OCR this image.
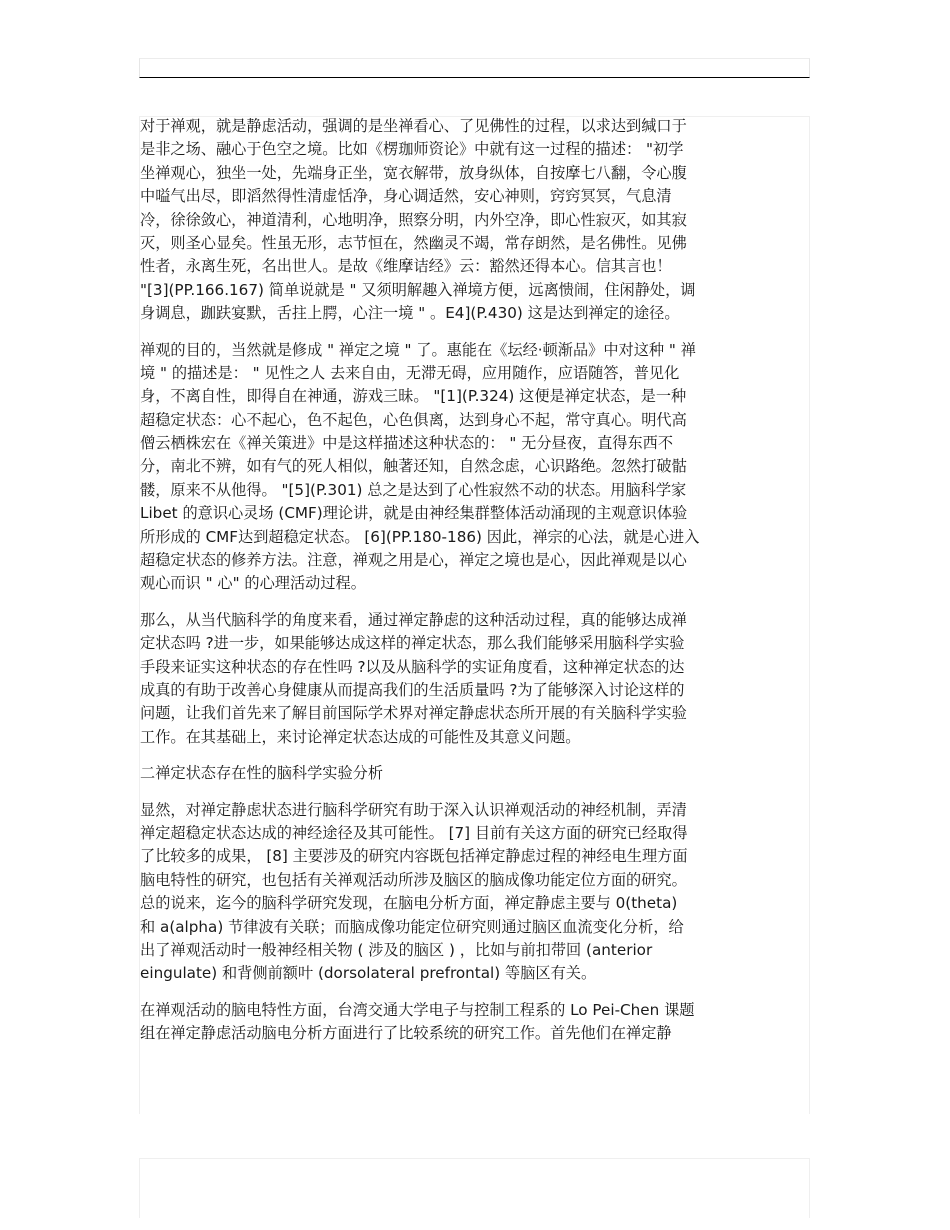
对于禅观，就是静虑活动，强调的是坐禅看心、了见佛性的过程，以求达到缄口于
是非之场、融心于色空之境。比如《楞珈师资论》中就有这一过程的描述： "初学
坐禅观心，独坐一处，先端身正坐，宽衣解带，放身纵体，自按摩七八翻，令心腹
中嗌气出尽，即滔然得性清虚恬净，身心调适然，安心神则，窍窍冥冥，气息清
冷，徐徐敛心，神道清利，心地明净，照察分明，内外空净，即心性寂灭，如其寂
灭，则圣心显矣。性虽无形，志节恒在，然幽灵不竭，常存朗然，是名佛性。见佛
性者，永离生死，名出世人。是故《维摩诘经》云：豁然还得本心。信其言也！
"[3](PP.166.167) 简单说就是 " 又须明解趣入禅境方便，远离愦闹，住闲静处，调
身调息，跏趺宴默，舌拄上腭，心注一境 " 。E4](P.430) 这是达到禅定的途径。
禅观的目的，当然就是修成 " 禅定之境 " 了。惠能在《坛经·顿渐品》中对这种 " 禅
境 " 的描述是： " 见性之人 去来自由，无滞无碍，应用随作，应语随答，普见化
身，不离自性，即得自在神通，游戏三昧。 "[1](P.324) 这便是禅定状态，是一种
超稳定状态：心不起心，色不起色，心色俱离，达到身心不起，常守真心。明代高
僧云栖株宏在《禅关策进》中是这样描述这种状态的： " 无分昼夜，直得东西不
分，南北不辨，如有气的死人相似，触著还知，自然念虑，心识路绝。忽然打破骷
髅，原来不从他得。 "[5](P.301) 总之是达到了心性寂然不动的状态。用脑科学家
Libet 的意识心灵场 (CMF)理论讲，就是由神经集群整体活动涌现的主观意识体验
所形成的 CMF达到超稳定状态。 [6](PP.180-186) 因此，禅宗的心法，就是心进入
超稳定状态的修养方法。注意，禅观之用是心，禅定之境也是心，因此禅观是以心
观心而识 " 心" 的心理活动过程。
那么，从当代脑科学的角度来看，通过禅定静虑的这种活动过程，真的能够达成禅
定状态吗 ?进一步，如果能够达成这样的禅定状态，那么我们能够采用脑科学实验
手段来证实这种状态的存在性吗 ?以及从脑科学的实证角度看，这种禅定状态的达
成真的有助于改善心身健康从而提高我们的生活质量吗 ?为了能够深入讨论这样的
问题，让我们首先来了解目前国际学术界对禅定静虑状态所开展的有关脑科学实验
工作。在其基础上，来讨论禅定状态达成的可能性及其意义问题。
二禅定状态存在性的脑科学实验分析
显然，对禅定静虑状态进行脑科学研究有助于深入认识禅观活动的神经机制，弄清
禅定超稳定状态达成的神经途径及其可能性。 [7] 目前有关这方面的研究已经取得
了比较多的成果， [8] 主要涉及的研究内容既包括禅定静虑过程的神经电生理方面
脑电特性的研究，也包括有关禅观活动所涉及脑区的脑成像功能定位方面的研究。
总的说来，迄今的脑科学研究发现，在脑电分析方面，禅定静虑主要与 0(theta)
和 a(alpha) 节律波有关联；而脑成像功能定位研究则通过脑区血流变化分析，给
出了禅观活动时一般神经相关物 ( 涉及的脑区 ) ，比如与前扣带回 (anterior
eingulate) 和背侧前额叶 (dorsolateral prefrontal) 等脑区有关。
在禅观活动的脑电特性方面，台湾交通大学电子与控制工程系的 Lo Pei-Chen 课题
组在禅定静虑活动脑电分析方面进行了比较系统的研究工作。首先他们在禅定静
